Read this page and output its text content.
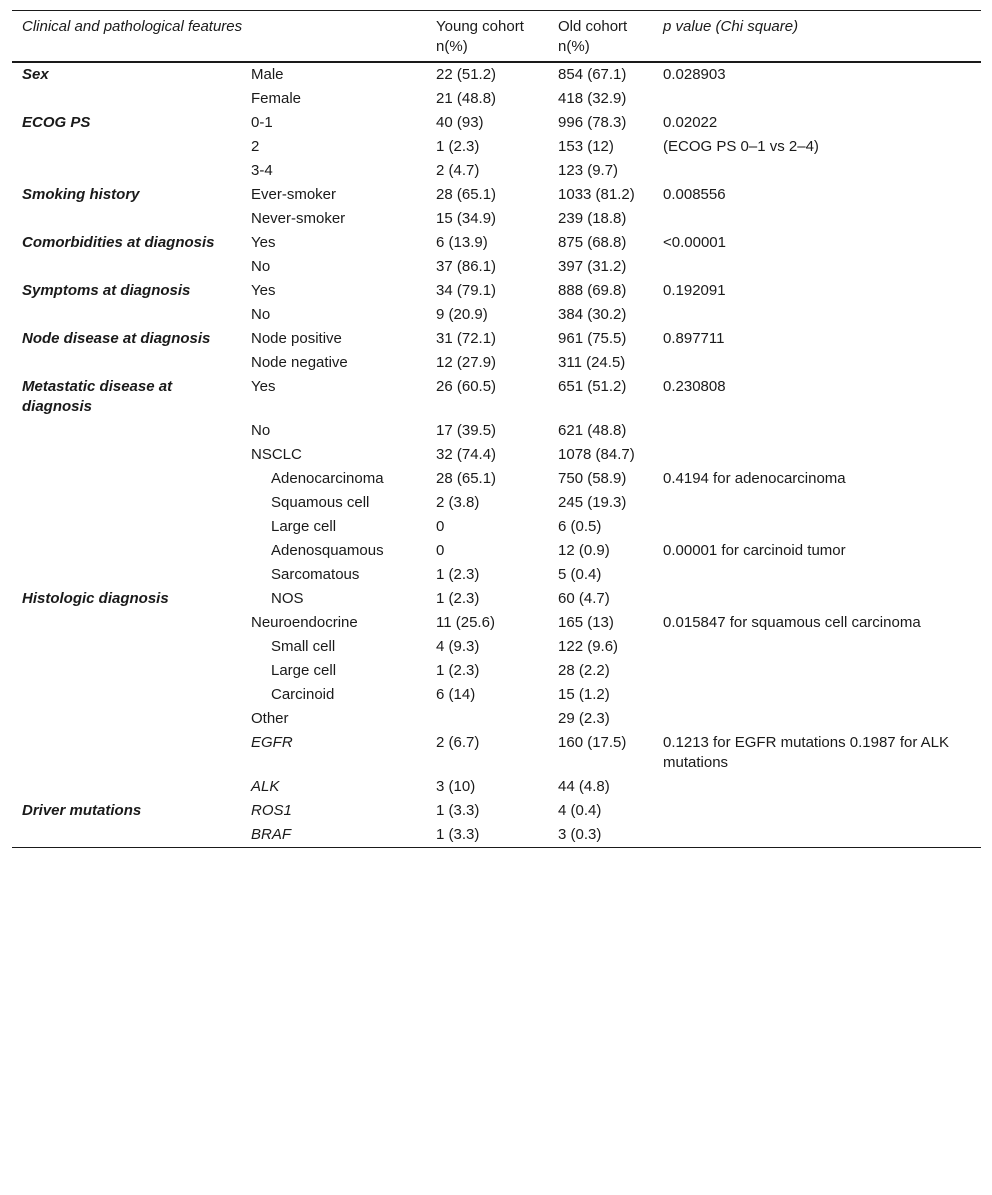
Clinical and pathological features		Young cohort n(%)	Old cohort n(%)	p value (Chi square)
Sex	Male	22 (51.2)	854 (67.1)	0.028903
	Female	21 (48.8)	418 (32.9)	
ECOG PS	0-1	40 (93)	996 (78.3)	0.02022
	2	1 (2.3)	153 (12)	(ECOG PS 0–1 vs 2–4)
	3-4	2 (4.7)	123 (9.7)	
Smoking history	Ever-smoker	28 (65.1)	1033 (81.2)	0.008556
	Never-smoker	15 (34.9)	239 (18.8)	
Comorbidities at diagnosis	Yes	6 (13.9)	875 (68.8)	<0.00001
	No	37 (86.1)	397 (31.2)	
Symptoms at diagnosis	Yes	34 (79.1)	888 (69.8)	0.192091
	No	9 (20.9)	384 (30.2)	
Node disease at diagnosis	Node positive	31 (72.1)	961 (75.5)	0.897711
	Node negative	12 (27.9)	311 (24.5)	
Metastatic disease at diagnosis	Yes	26 (60.5)	651 (51.2)	0.230808
	No	17 (39.5)	621 (48.8)	
	NSCLC	32 (74.4)	1078 (84.7)	
	Adenocarcinoma	28 (65.1)	750 (58.9)	0.4194 for adenocarcinoma
	Squamous cell	2 (3.8)	245 (19.3)	
	Large cell	0	6 (0.5)	
	Adenosquamous	0	12 (0.9)	0.00001 for carcinoid tumor
	Sarcomatous	1 (2.3)	5 (0.4)	
Histologic diagnosis	NOS	1 (2.3)	60 (4.7)	
	Neuroendocrine	11 (25.6)	165 (13)	0.015847 for squamous cell carcinoma
	Small cell	4 (9.3)	122 (9.6)	
	Large cell	1 (2.3)	28 (2.2)	
	Carcinoid	6 (14)	15 (1.2)	
	Other		29 (2.3)	
	EGFR	2 (6.7)	160 (17.5)	0.1213 for EGFR mutations 0.1987 for ALK mutations
	ALK	3 (10)	44 (4.8)	
Driver mutations	ROS1	1 (3.3)	4 (0.4)	
	BRAF	1 (3.3)	3 (0.3)	
